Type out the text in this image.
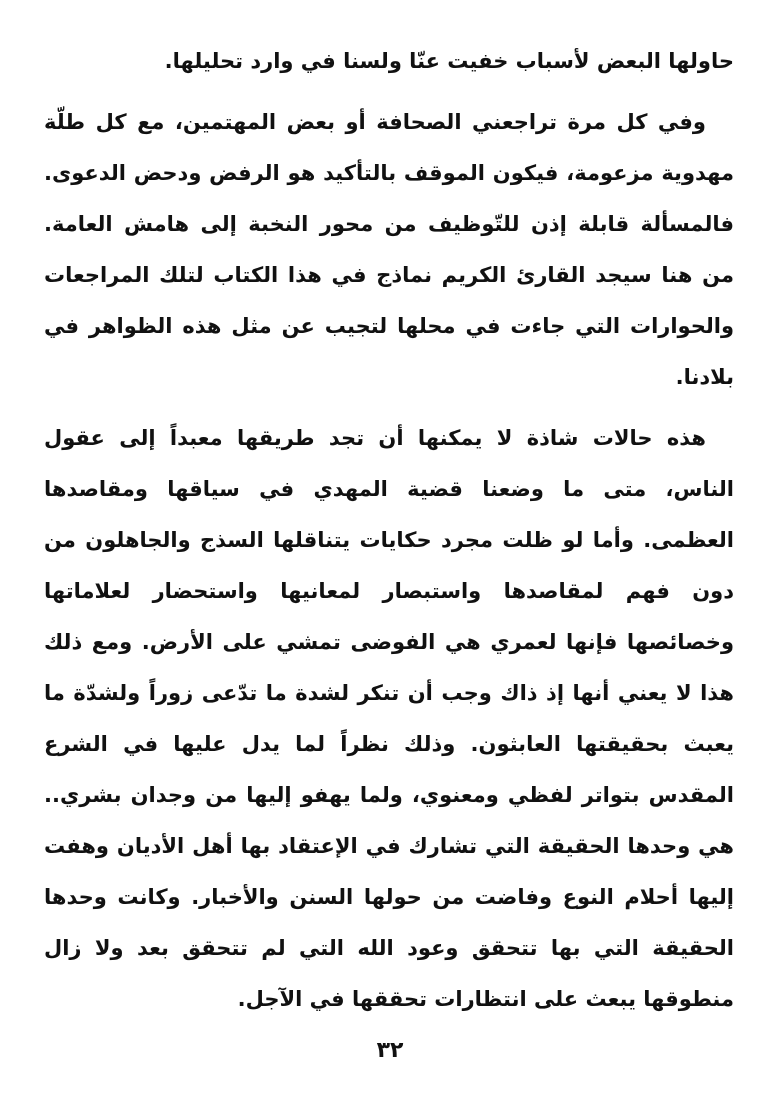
حاولها البعض لأسباب خفيت عنّا ولسنا في وارد تحليلها.

وفي كل مرة تراجعني الصحافة أو بعض المهتمين، مع كل طلّة مهدوية مزعومة، فيكون الموقف بالتأكيد هو الرفض ودحض الدعوى. فالمسألة قابلة إذن للتّوظيف من محور النخبة إلى هامش العامة. من هنا سيجد القارئ الكريم نماذج في هذا الكتاب لتلك المراجعات والحوارات التي جاءت في محلها لتجيب عن مثل هذه الظواهر في بلادنا.

هذه حالات شاذة لا يمكنها أن تجد طريقها معبداً إلى عقول الناس، متى ما وضعنا قضية المهدي في سياقها ومقاصدها العظمى. وأما لو ظلت مجرد حكايات يتناقلها السذج والجاهلون من دون فهم لمقاصدها واستبصار لمعانيها واستحضار لعلاماتها وخصائصها فإنها لعمري هي الفوضى تمشي على الأرض. ومع ذلك هذا لا يعني أنها إذ ذاك وجب أن تنكر لشدة ما تدّعى زوراً ولشدّة ما يعبث بحقيقتها العابثون. وذلك نظراً لما يدل عليها في الشرع المقدس بتواتر لفظي ومعنوي، ولما يهفو إليها من وجدان بشري.. هي وحدها الحقيقة التي تشارك في الإعتقاد بها أهل الأديان وهفت إليها أحلام النوع وفاضت من حولها السنن والأخبار. وكانت وحدها الحقيقة التي بها تتحقق وعود الله التي لم تتحقق بعد ولا زال منطوقها يبعث على انتظارات تحققها في الآجل.

٣٢
